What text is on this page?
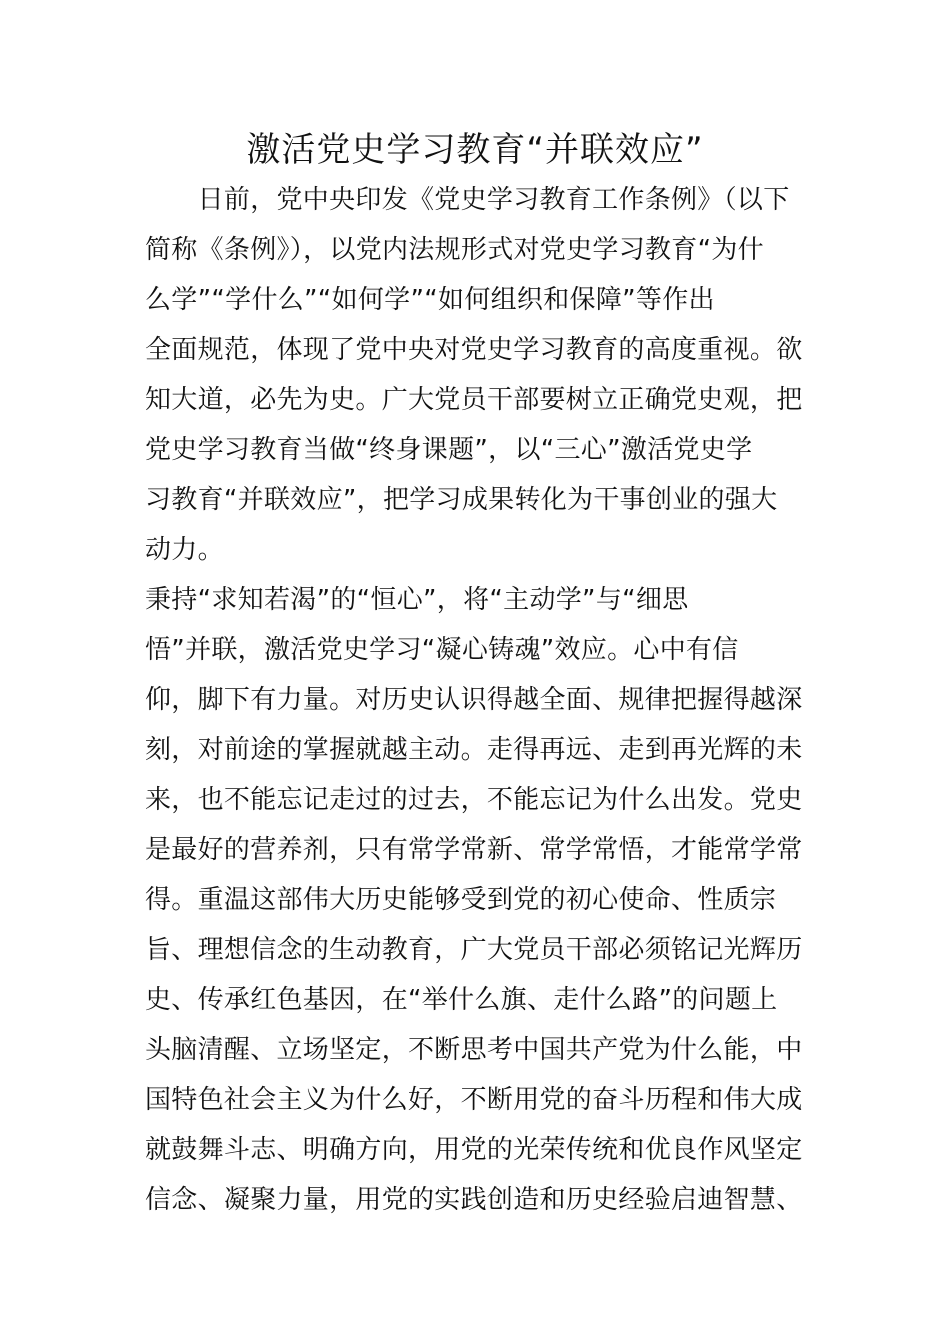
激活党史学习教育“并联效应”

　　日前，党中央印发《党史学习教育工作条例》（以下

简称《条例》），以党内法规形式对党史学习教育“为什

么学”“学什么”“如何学”“如何组织和保障”等作出

全面规范，体现了党中央对党史学习教育的高度重视。欲

知大道，必先为史。广大党员干部要树立正确党史观，把

党史学习教育当做“终身课题”，以“三心”激活党史学

习教育“并联效应”，把学习成果转化为干事创业的强大

动力。

秉持“求知若渴”的“恒心”，将“主动学”与“细思

悟”并联，激活党史学习“凝心铸魂”效应。心中有信

仰，脚下有力量。对历史认识得越全面、规律把握得越深

刻，对前途的掌握就越主动。走得再远、走到再光辉的未

来，也不能忘记走过的过去，不能忘记为什么出发。党史

是最好的营养剂，只有常学常新、常学常悟，才能常学常

得。重温这部伟大历史能够受到党的初心使命、性质宗

旨、理想信念的生动教育，广大党员干部必须铭记光辉历

史、传承红色基因，在“举什么旗、走什么路”的问题上

头脑清醒、立场坚定，不断思考中国共产党为什么能，中

国特色社会主义为什么好，不断用党的奋斗历程和伟大成

就鼓舞斗志、明确方向，用党的光荣传统和优良作风坚定

信念、凝聚力量，用党的实践创造和历史经验启迪智慧、
